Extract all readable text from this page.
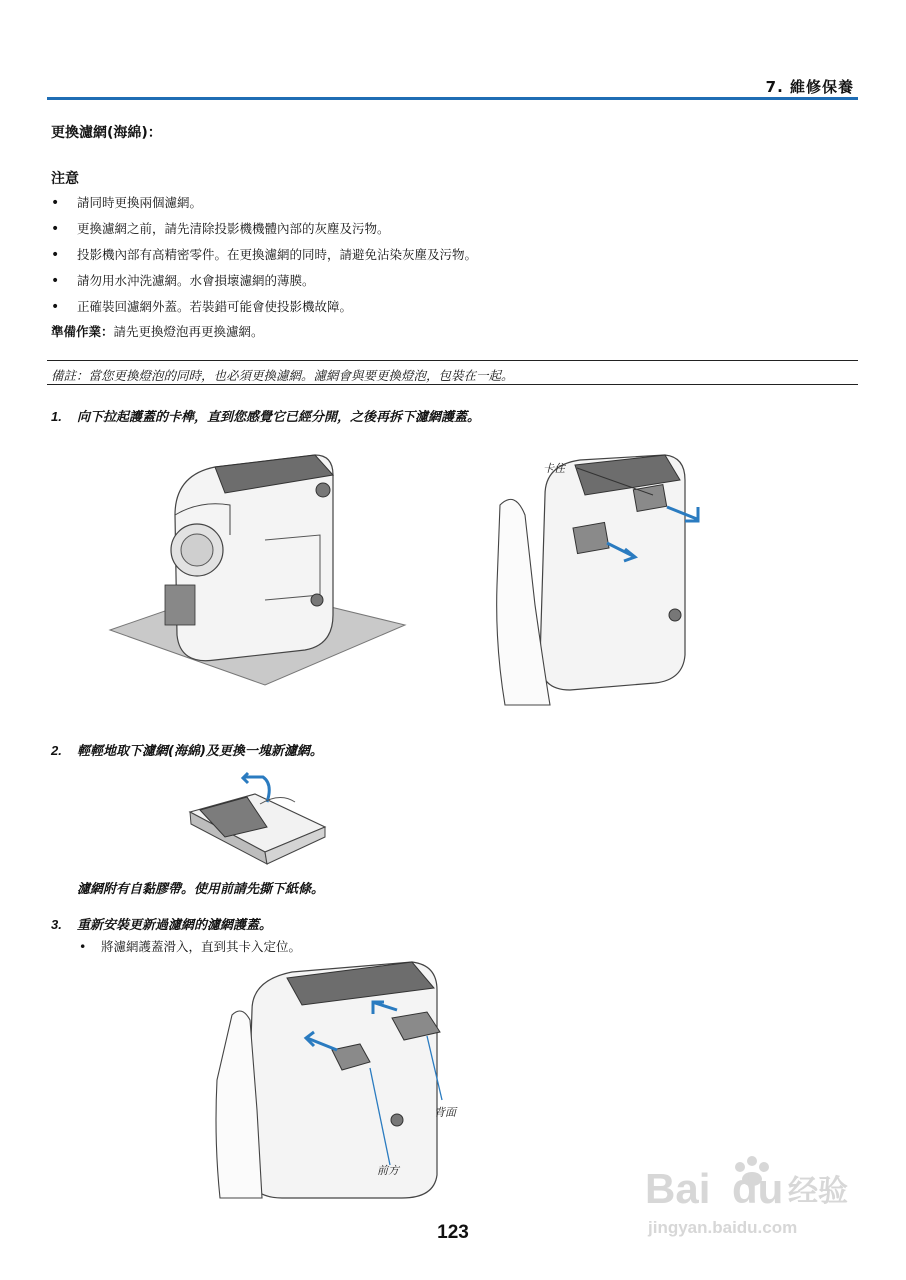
7. 維修保養
更換濾網(海綿)：
注意
• 請同時更換兩個濾網。
• 更換濾網之前，請先清除投影機機體內部的灰塵及污物。
• 投影機內部有高精密零件。在更換濾網的同時，請避免沾染灰塵及污物。
• 請勿用水沖洗濾網。水會損壞濾網的薄膜。
• 正確裝回濾網外蓋。若裝錯可能會使投影機故障。
準備作業：請先更換燈泡再更換濾網。
備註：當您更換燈泡的同時，也必須更換濾網。濾網會與要更換燈泡，包裝在一起。
1. 向下拉起護蓋的卡榫，直到您感覺它已經分開，之後再拆下濾網護蓋。
卡住
2. 輕輕地取下濾網(海綿)及更換一塊新濾網。
濾網附有自黏膠帶。使用前請先撕下紙條。
3. 重新安裝更新過濾網的濾網護蓋。
• 將濾網護蓋滑入，直到其卡入定位。
背面
前方	Bai du 经验
jingyan.baidu.com
123
